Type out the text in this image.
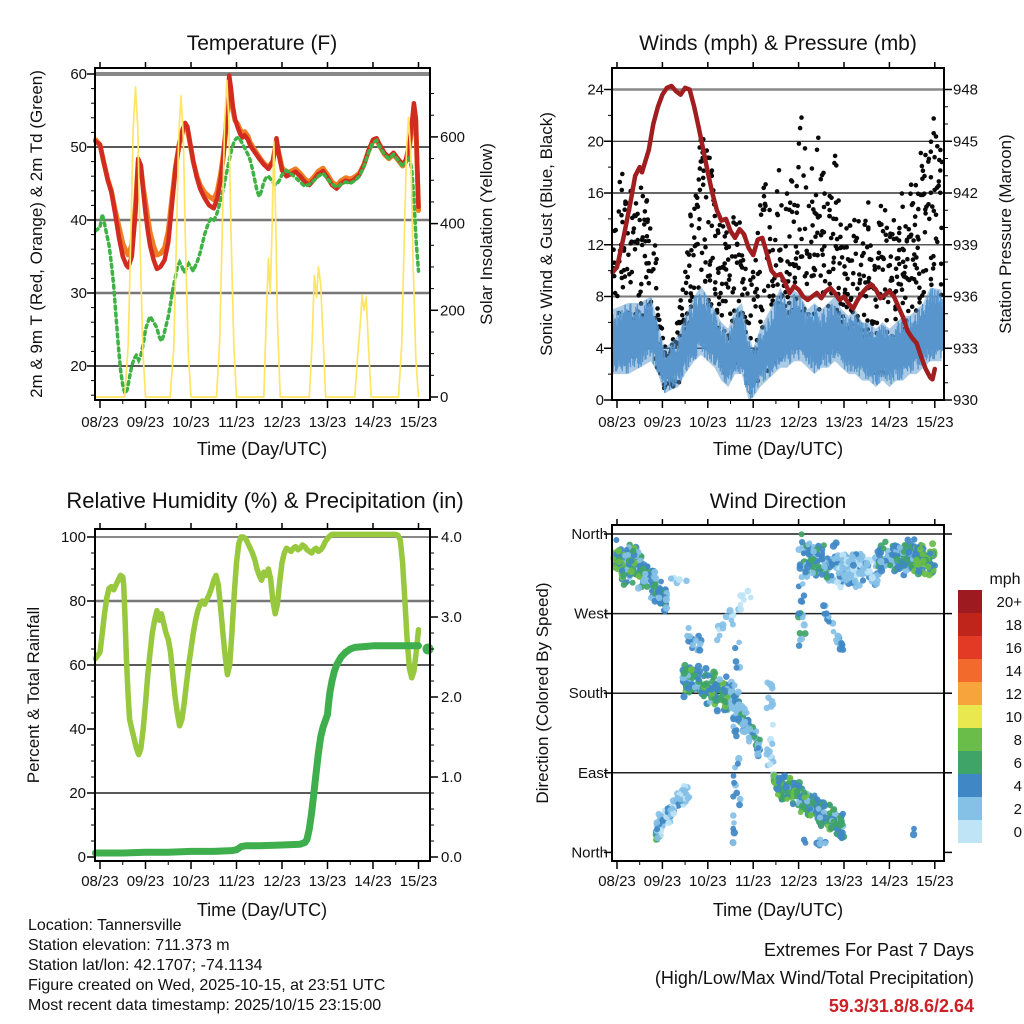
08/23 09/23 10/23 11/23 12/23 13/23 14/23 15/23
20
30
40
50
60
0
200
400
600
08/23 09/23 10/23 11/23 12/23 13/23 14/23 15/23
0
4
8
12
16
20
24
930
933
936
939
942
945
948
08/23 09/23 10/23 11/23 12/23 13/23 14/23 15/23
0
20
40
60
80
100
0.0
1.0
2.0
3.0
4.0
08/23 09/23 10/23 11/23 12/23 13/23 14/23 15/23
North
West
South
East
North
20+
18
16
14
12
10
8
6
4
2
0
Temperature (F)	Winds (mph) & Pressure (mb)
Relative Humidity (%) & Precipitation (in)	Wind Direction
Time (Day/UTC)	Time (Day/UTC)
Time (Day/UTC)	Time (Day/UTC)
2m & 9m T (Red, Orange) & 2m Td (Green)	Solar Insolation (Yellow) Sonic Wind & Gust (Blue, Black)	Station Pressure (Maroon)
Percent & Total Rainfall	Direction (Colored By Speed)
mph
Location: Tannersville
Station elevation: 711.373 m
Station lat/lon: 42.1707; -74.1134
Figure created on Wed, 2025-10-15, at 23:51 UTC
Most recent data timestamp: 2025/10/15 23:15:00
Extremes For Past 7 Days
(High/Low/Max Wind/Total Precipitation)
59.3/31.8/8.6/2.64
